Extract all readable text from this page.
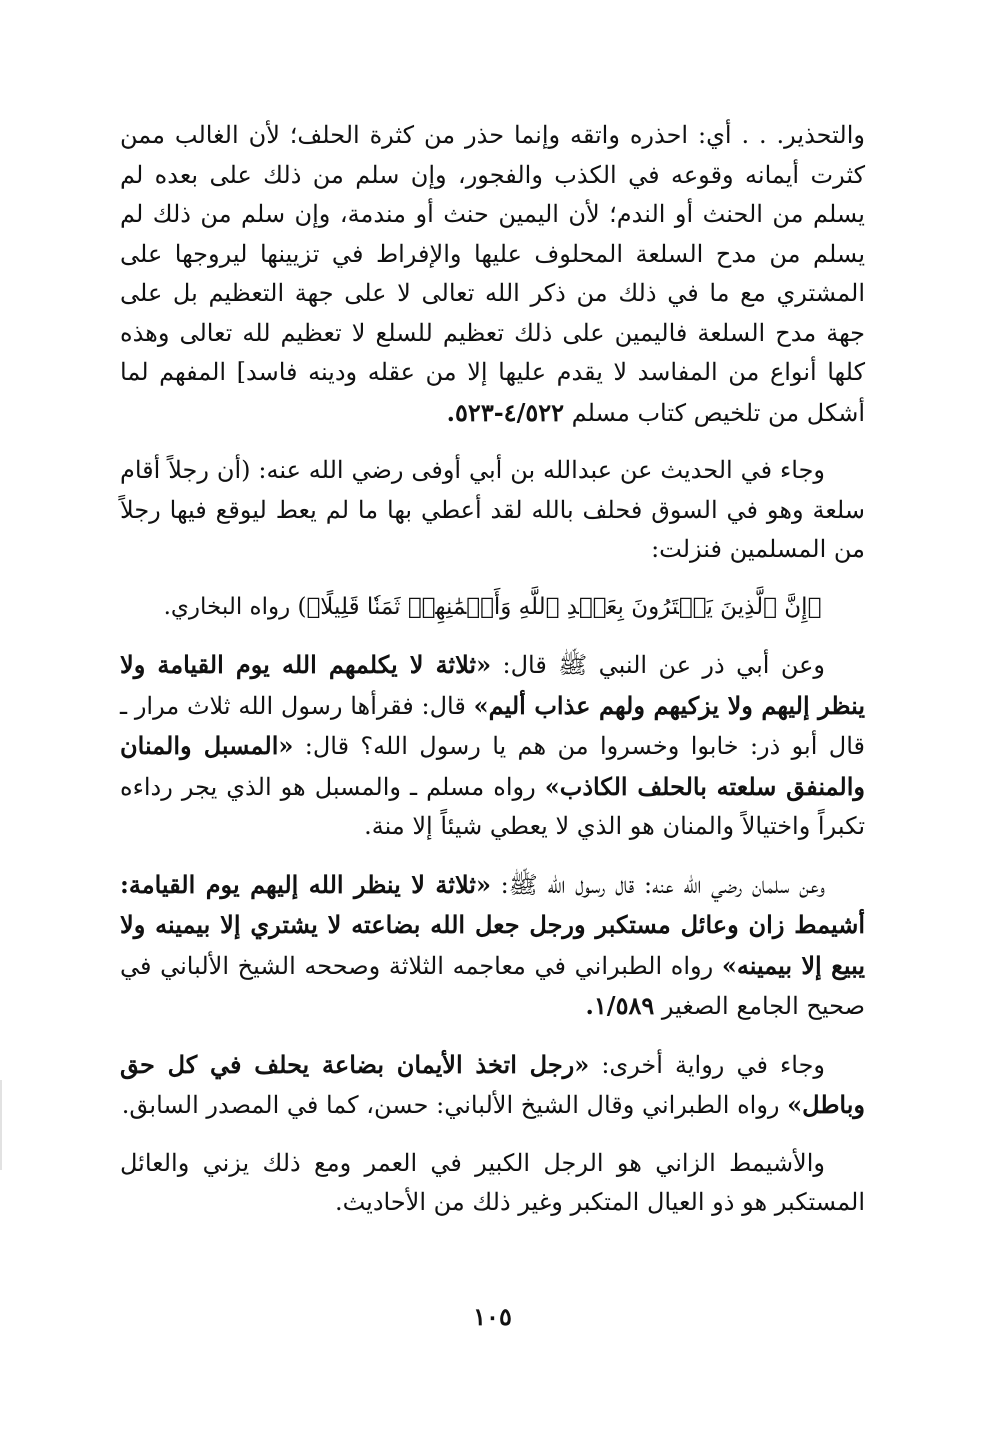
والتحذير. . . أي: احذره واتقه وإنما حذر من كثرة الحلف؛ لأن الغالب ممن كثرت أيمانه وقوعه في الكذب والفجور، وإن سلم من ذلك على بعده لم يسلم من الحنث أو الندم؛ لأن اليمين حنث أو مندمة، وإن سلم من ذلك لم يسلم من مدح السلعة المحلوف عليها والإفراط في تزيينها ليروجها على المشتري مع ما في ذلك من ذكر الله تعالى لا على جهة التعظيم بل على جهة مدح السلعة فاليمين على ذلك تعظيم للسلع لا تعظيم لله تعالى وهذه كلها أنواع من المفاسد لا يقدم عليها إلا من عقله ودينه فاسد] المفهم لما أشكل من تلخيص كتاب مسلم ٤/٥٢٢-٥٢٣.

وجاء في الحديث عن عبدالله بن أبي أوفى رضي الله عنه: (أن رجلاً أقام سلعة وهو في السوق فحلف بالله لقد أعطي بها ما لم يعط ليوقع فيها رجلاً من المسلمين فنزلت:

﴿إِنَّ ٱلَّذِينَ يَشۡتَرُونَ بِعَهۡدِ ٱللَّهِ وَأَيۡمَٰنِهِمۡ ثَمَنٗا قَلِيلًا﴾) رواه البخاري.

وعن أبي ذر عن النبي ﷺ قال: «ثلاثة لا يكلمهم الله يوم القيامة ولا ينظر إليهم ولا يزكيهم ولهم عذاب أليم» قال: فقرأها رسول الله ثلاث مرار ـ قال أبو ذر: خابوا وخسروا من هم يا رسول الله؟ قال: «المسبل والمنان والمنفق سلعته بالحلف الكاذب» رواه مسلم ـ والمسبل هو الذي يجر رداءه تكبراً واختيالاً والمنان هو الذي لا يعطي شيئاً إلا منة.

وعن سلمان رضي الله عنه: قال رسول الله ﷺ: «ثلاثة لا ينظر الله إليهم يوم القيامة: أشيمط زان وعائل مستكبر ورجل جعل الله بضاعته لا يشتري إلا بيمينه ولا يبيع إلا بيمينه» رواه الطبراني في معاجمه الثلاثة وصححه الشيخ الألباني في صحيح الجامع الصغير ١/٥٨٩.

وجاء في رواية أخرى: «رجل اتخذ الأيمان بضاعة يحلف في كل حق وباطل» رواه الطبراني وقال الشيخ الألباني: حسن، كما في المصدر السابق.

والأشيمط الزاني هو الرجل الكبير في العمر ومع ذلك يزني والعائل المستكبر هو ذو العيال المتكبر وغير ذلك من الأحاديث.

١٠٥
